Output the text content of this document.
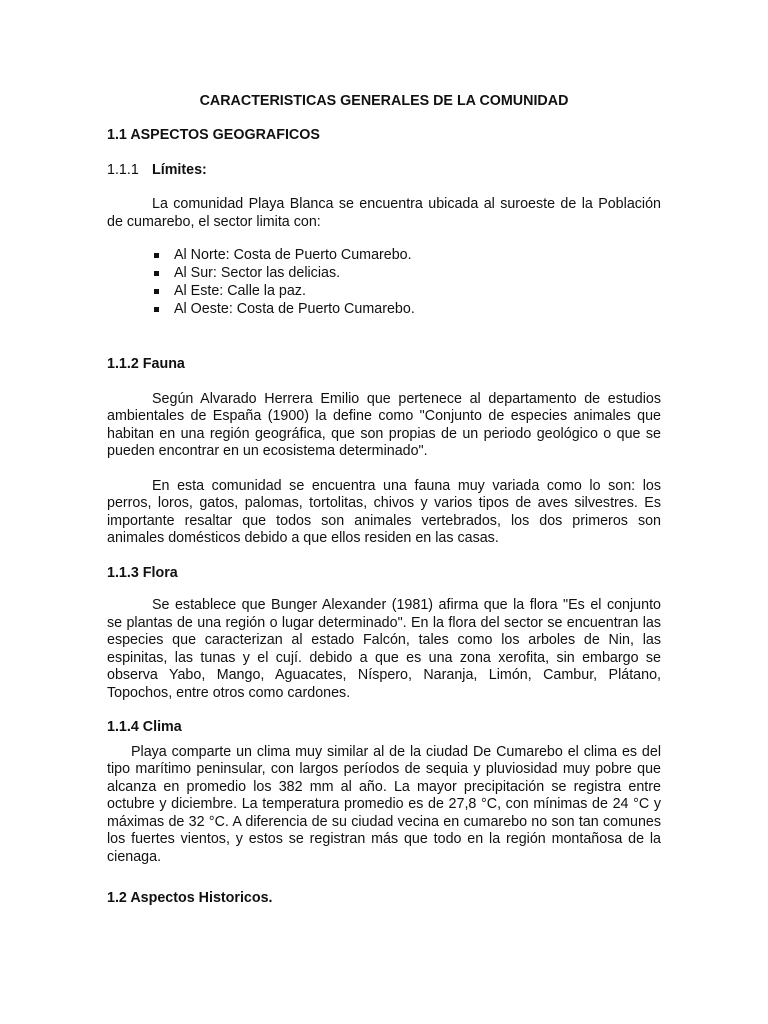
CARACTERISTICAS GENERALES DE LA COMUNIDAD

1.1 ASPECTOS GEOGRAFICOS

1.1.1 Límites:

La comunidad Playa Blanca se encuentra ubicada al suroeste de la Población de cumarebo, el sector limita con:

Al Norte: Costa de Puerto Cumarebo.
Al Sur: Sector las delicias.
Al Este: Calle la paz.
Al Oeste: Costa de Puerto Cumarebo.

1.1.2 Fauna

Según Alvarado Herrera Emilio que pertenece al departamento de estudios ambientales de España (1900) la define como "Conjunto de especies animales que habitan en una región geográfica, que son propias de un periodo geológico o que se pueden encontrar en un ecosistema determinado".

En esta comunidad se encuentra una fauna muy variada como lo son: los perros, loros, gatos, palomas, tortolitas, chivos y varios tipos de aves silvestres. Es importante resaltar que todos son animales vertebrados, los dos primeros son animales domésticos debido a que ellos residen en las casas.

1.1.3 Flora

Se establece que Bunger Alexander (1981) afirma que la flora "Es el conjunto se plantas de una región o lugar determinado". En la flora del sector se encuentran las especies que caracterizan al estado Falcón, tales como los arboles de Nin, las espinitas, las tunas y el cují. debido a que es una zona xerofita, sin embargo se observa Yabo, Mango, Aguacates, Níspero, Naranja, Limón, Cambur, Plátano, Topochos, entre otros como cardones.

1.1.4 Clima

Playa comparte un clima muy similar al de la ciudad De Cumarebo el clima es del tipo marítimo peninsular, con largos períodos de sequia y pluviosidad muy pobre que alcanza en promedio los 382 mm al año. La mayor precipitación se registra entre octubre y diciembre. La temperatura promedio es de 27,8 °C, con mínimas de 24 °C y máximas de 32 °C. A diferencia de su ciudad vecina en cumarebo no son tan comunes los fuertes vientos, y estos se registran más que todo en la región montañosa de la cienaga.

1.2 Aspectos Historicos.
